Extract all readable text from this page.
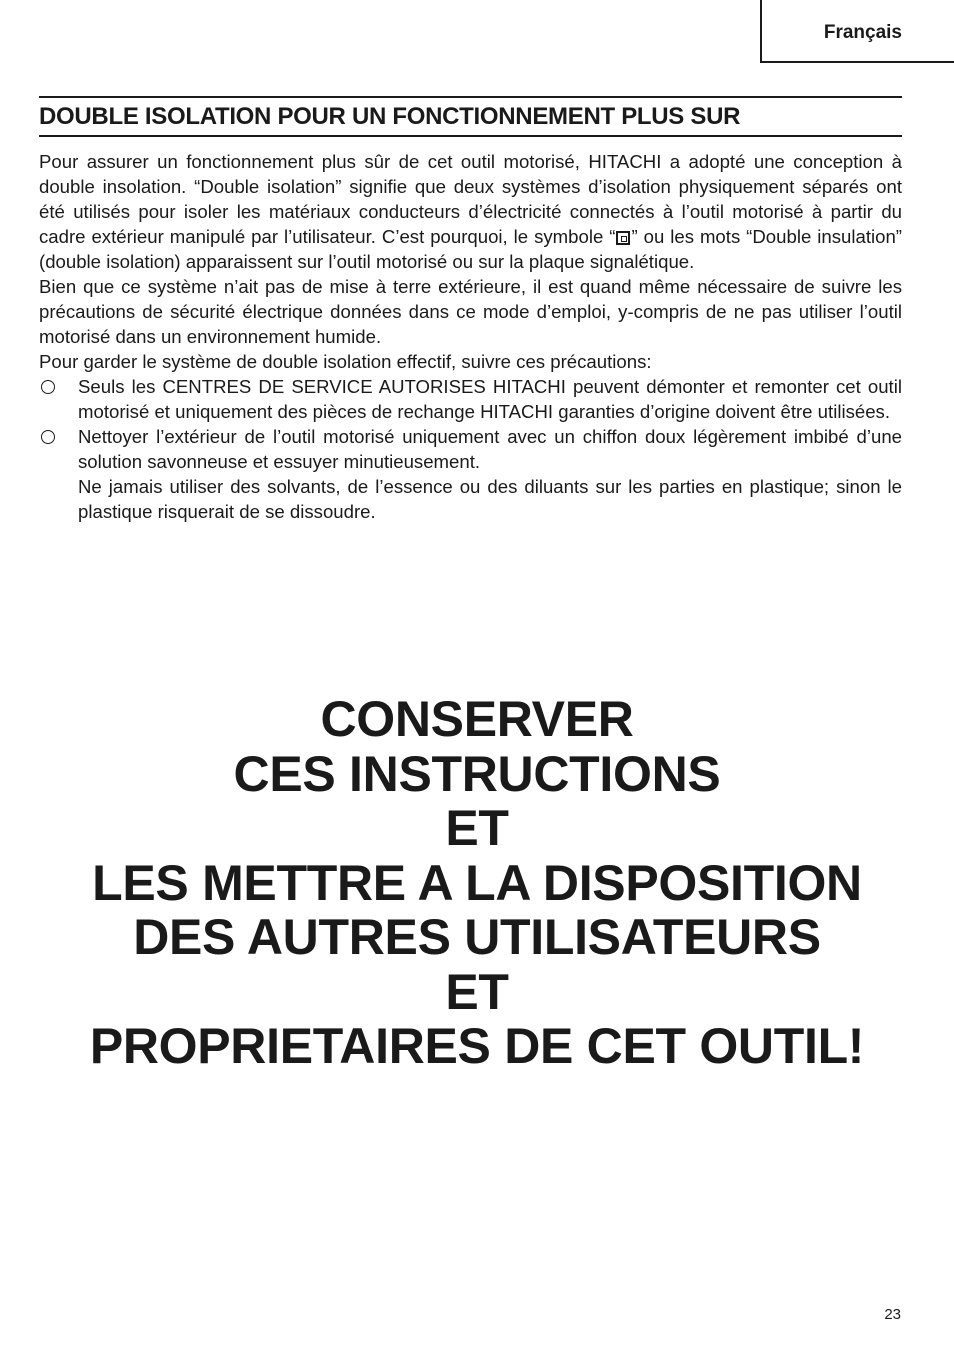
Français
DOUBLE ISOLATION POUR UN FONCTIONNEMENT PLUS SUR

Pour assurer un fonctionnement plus sûr de cet outil motorisé, HITACHI a adopté une conception à double insolation. “Double isolation” signifie que deux systèmes d’isolation physiquement séparés ont été utilisés pour isoler les matériaux conducteurs d’électricité connectés à l’outil motorisé à partir du cadre extérieur manipulé par l’utilisateur. C’est pourquoi, le symbole “ ” ou les mots “Double insulation” (double isolation) apparaissent sur l’outil motorisé ou sur la plaque signalétique.

Bien que ce système n’ait pas de mise à terre extérieure, il est quand même nécessaire de suivre les précautions de sécurité électrique données dans ce mode d’emploi, y-compris de ne pas utiliser l’outil motorisé dans un environnement humide.

Pour garder le système de double isolation effectif, suivre ces précautions:

Seuls les CENTRES DE SERVICE AUTORISES HITACHI peuvent démonter et remonter cet outil motorisé et uniquement des pièces de rechange HITACHI garanties d’origine doivent être utilisées.
Nettoyer l’extérieur de l’outil motorisé uniquement avec un chiffon doux légèrement imbibé d’une solution savonneuse et essuyer minutieusement.
Ne jamais utiliser des solvants, de l’essence ou des diluants sur les parties en plastique; sinon le plastique risquerait de se dissoudre.
CONSERVER
CES INSTRUCTIONS
ET
LES METTRE A LA DISPOSITION
DES AUTRES UTILISATEURS
ET
PROPRIETAIRES DE CET OUTIL!
23
